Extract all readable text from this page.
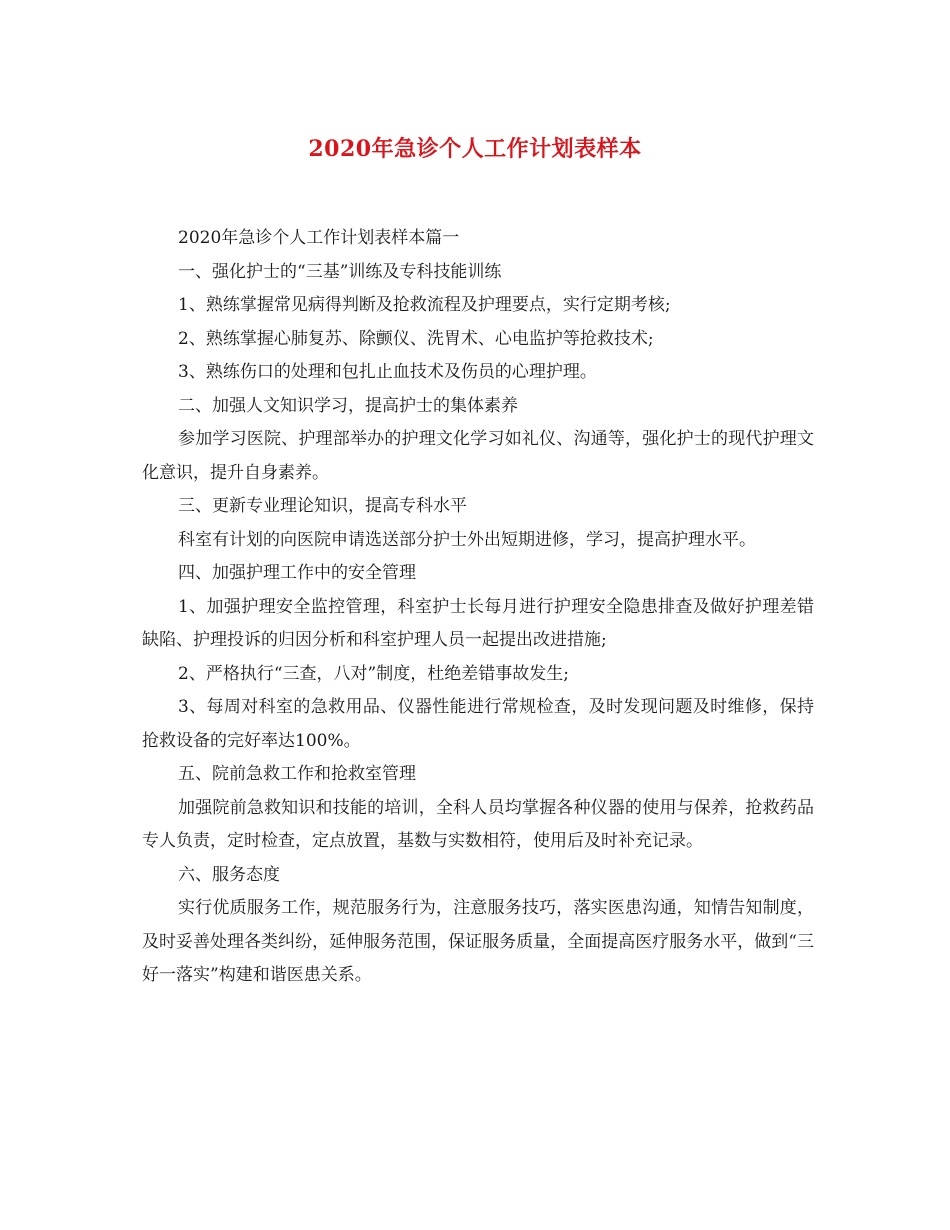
2020年急诊个人工作计划表样本

2020年急诊个人工作计划表样本篇一

一、强化护士的“三基”训练及专科技能训练

1、熟练掌握常见病得判断及抢救流程及护理要点，实行定期考核;

2、熟练掌握心肺复苏、除颤仪、洗胃术、心电监护等抢救技术;

3、熟练伤口的处理和包扎止血技术及伤员的心理护理。

二、加强人文知识学习，提高护士的集体素养

参加学习医院、护理部举办的护理文化学习如礼仪、沟通等，强化护士的现代护理文化意识，提升自身素养。

三、更新专业理论知识，提高专科水平

科室有计划的向医院申请选送部分护士外出短期进修，学习，提高护理水平。

四、加强护理工作中的安全管理

1、加强护理安全监控管理，科室护士长每月进行护理安全隐患排查及做好护理差错缺陷、护理投诉的归因分析和科室护理人员一起提出改进措施;

2、严格执行“三查，八对”制度，杜绝差错事故发生;

3、每周对科室的急救用品、仪器性能进行常规检查，及时发现问题及时维修，保持抢救设备的完好率达100%。

五、院前急救工作和抢救室管理

加强院前急救知识和技能的培训，全科人员均掌握各种仪器的使用与保养，抢救药品专人负责，定时检查，定点放置，基数与实数相符，使用后及时补充记录。

六、服务态度

实行优质服务工作，规范服务行为，注意服务技巧，落实医患沟通，知情告知制度，及时妥善处理各类纠纷，延伸服务范围，保证服务质量，全面提高医疗服务水平，做到“三好一落实”构建和谐医患关系。
